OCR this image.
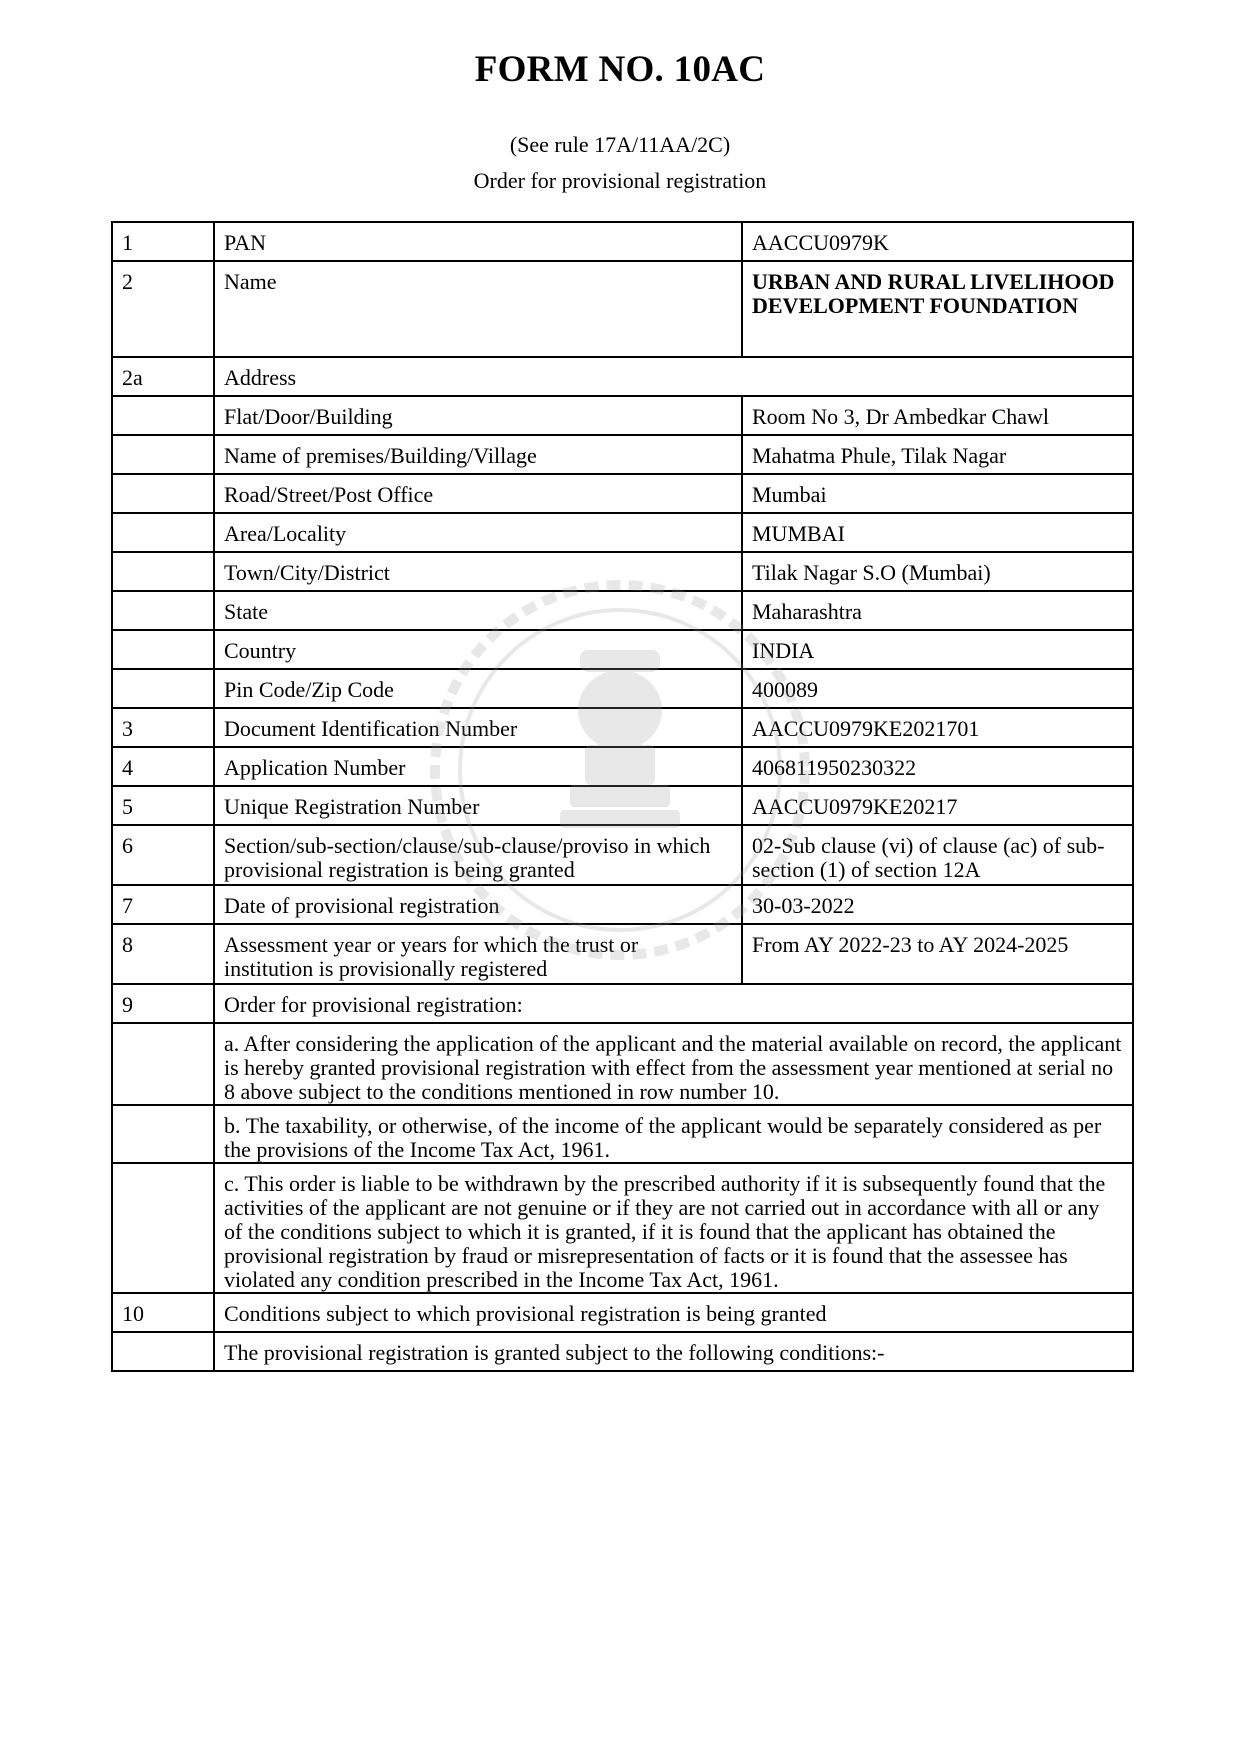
FORM NO. 10AC
(See rule 17A/11AA/2C)
Order for provisional registration
1	PAN	AACCU0979K
2	Name	URBAN AND RURAL LIVELIHOOD DEVELOPMENT FOUNDATION
2a	Address	
	Flat/Door/Building	Room No 3, Dr Ambedkar Chawl
	Name of premises/Building/Village	Mahatma Phule, Tilak Nagar
	Road/Street/Post Office	Mumbai
	Area/Locality	MUMBAI
	Town/City/District	Tilak Nagar S.O (Mumbai)
	State	Maharashtra
	Country	INDIA
	Pin Code/Zip Code	400089
3	Document Identification Number	AACCU0979KE2021701
4	Application Number	406811950230322
5	Unique Registration Number	AACCU0979KE20217
6	Section/sub-section/clause/sub-clause/proviso in which provisional registration is being granted	02-Sub clause (vi) of clause (ac) of sub-section (1) of section 12A
7	Date of provisional registration	30-03-2022
8	Assessment year or years for which the trust or institution is provisionally registered	From AY 2022-23 to AY 2024-2025
9	Order for provisional registration:	
	a. After considering the application of the applicant and the material available on record, the applicant is hereby granted provisional registration with effect from the assessment year mentioned at serial no 8 above subject to the conditions mentioned in row number 10.	
	b. The taxability, or otherwise, of the income of the applicant would be separately considered as per the provisions of the Income Tax Act, 1961.	
	c. This order is liable to be withdrawn by the prescribed authority if it is subsequently found that the activities of the applicant are not genuine or if they are not carried out in accordance with all or any of the conditions subject to which it is granted, if it is found that the applicant has obtained the provisional registration by fraud or misrepresentation of facts or it is found that the assessee has violated any condition prescribed in the Income Tax Act, 1961.	
10	Conditions subject to which provisional registration is being granted	
	The provisional registration is granted subject to the following conditions:-	
